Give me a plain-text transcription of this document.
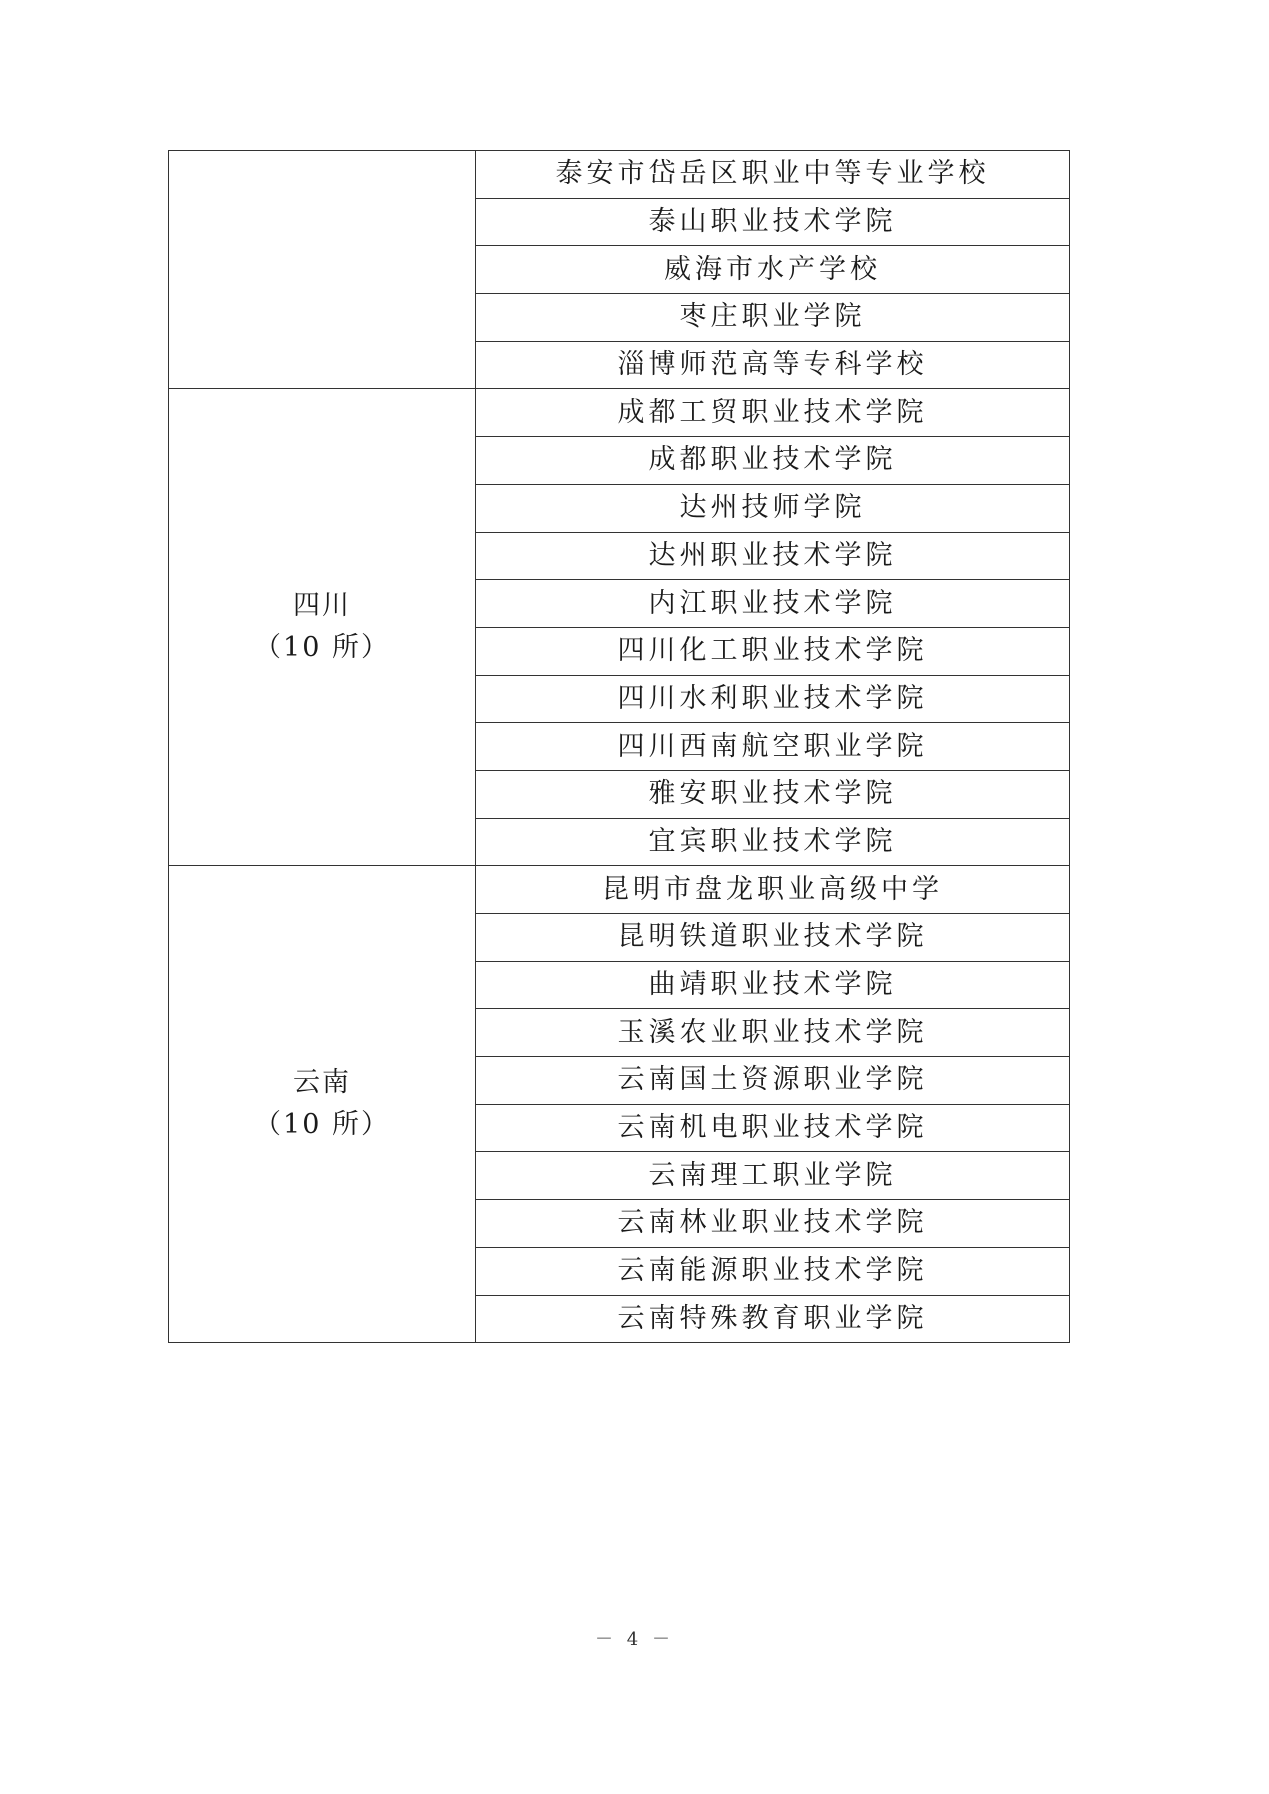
	泰安市岱岳区职业中等专业学校
	泰山职业技术学院
	威海市水产学校
	枣庄职业学院
	淄博师范高等专科学校

四川
（10 所）	成都工贸职业技术学院
	成都职业技术学院
	达州技师学院
	达州职业技术学院
	内江职业技术学院
	四川化工职业技术学院
	四川水利职业技术学院
	四川西南航空职业学院
	雅安职业技术学院
	宜宾职业技术学院

云南
（10 所）	昆明市盘龙职业高级中学
	昆明铁道职业技术学院
	曲靖职业技术学院
	玉溪农业职业技术学院
	云南国土资源职业学院
	云南机电职业技术学院
	云南理工职业学院
	云南林业职业技术学院
	云南能源职业技术学院
	云南特殊教育职业学院
－ 4 －
